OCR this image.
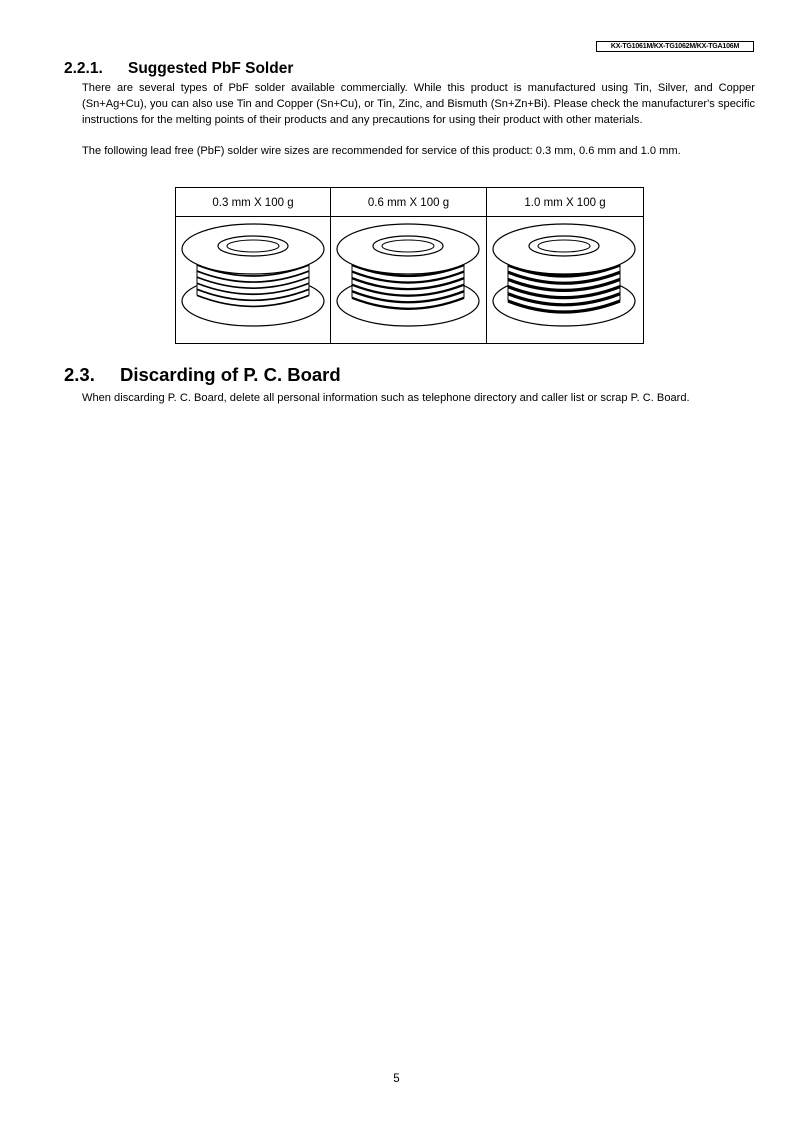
KX-TG1061M/KX-TG1062M/KX-TGA106M
2.2.1. Suggested PbF Solder

There are several types of PbF solder available commercially. While this product is manufactured using Tin, Silver, and Copper (Sn+Ag+Cu), you can also use Tin and Copper (Sn+Cu), or Tin, Zinc, and Bismuth (Sn+Zn+Bi). Please check the manufacturer's specific instructions for the melting points of their products and any precautions for using their product with other materials.

The following lead free (PbF) solder wire sizes are recommended for service of this product: 0.3 mm, 0.6 mm and 1.0 mm.

0.3 mm X 100 g	0.6 mm X 100 g	1.0 mm X 100 g
2.3. Discarding of P. C. Board

When discarding P. C. Board, delete all personal information such as telephone directory and caller list or scrap P. C. Board.

5
